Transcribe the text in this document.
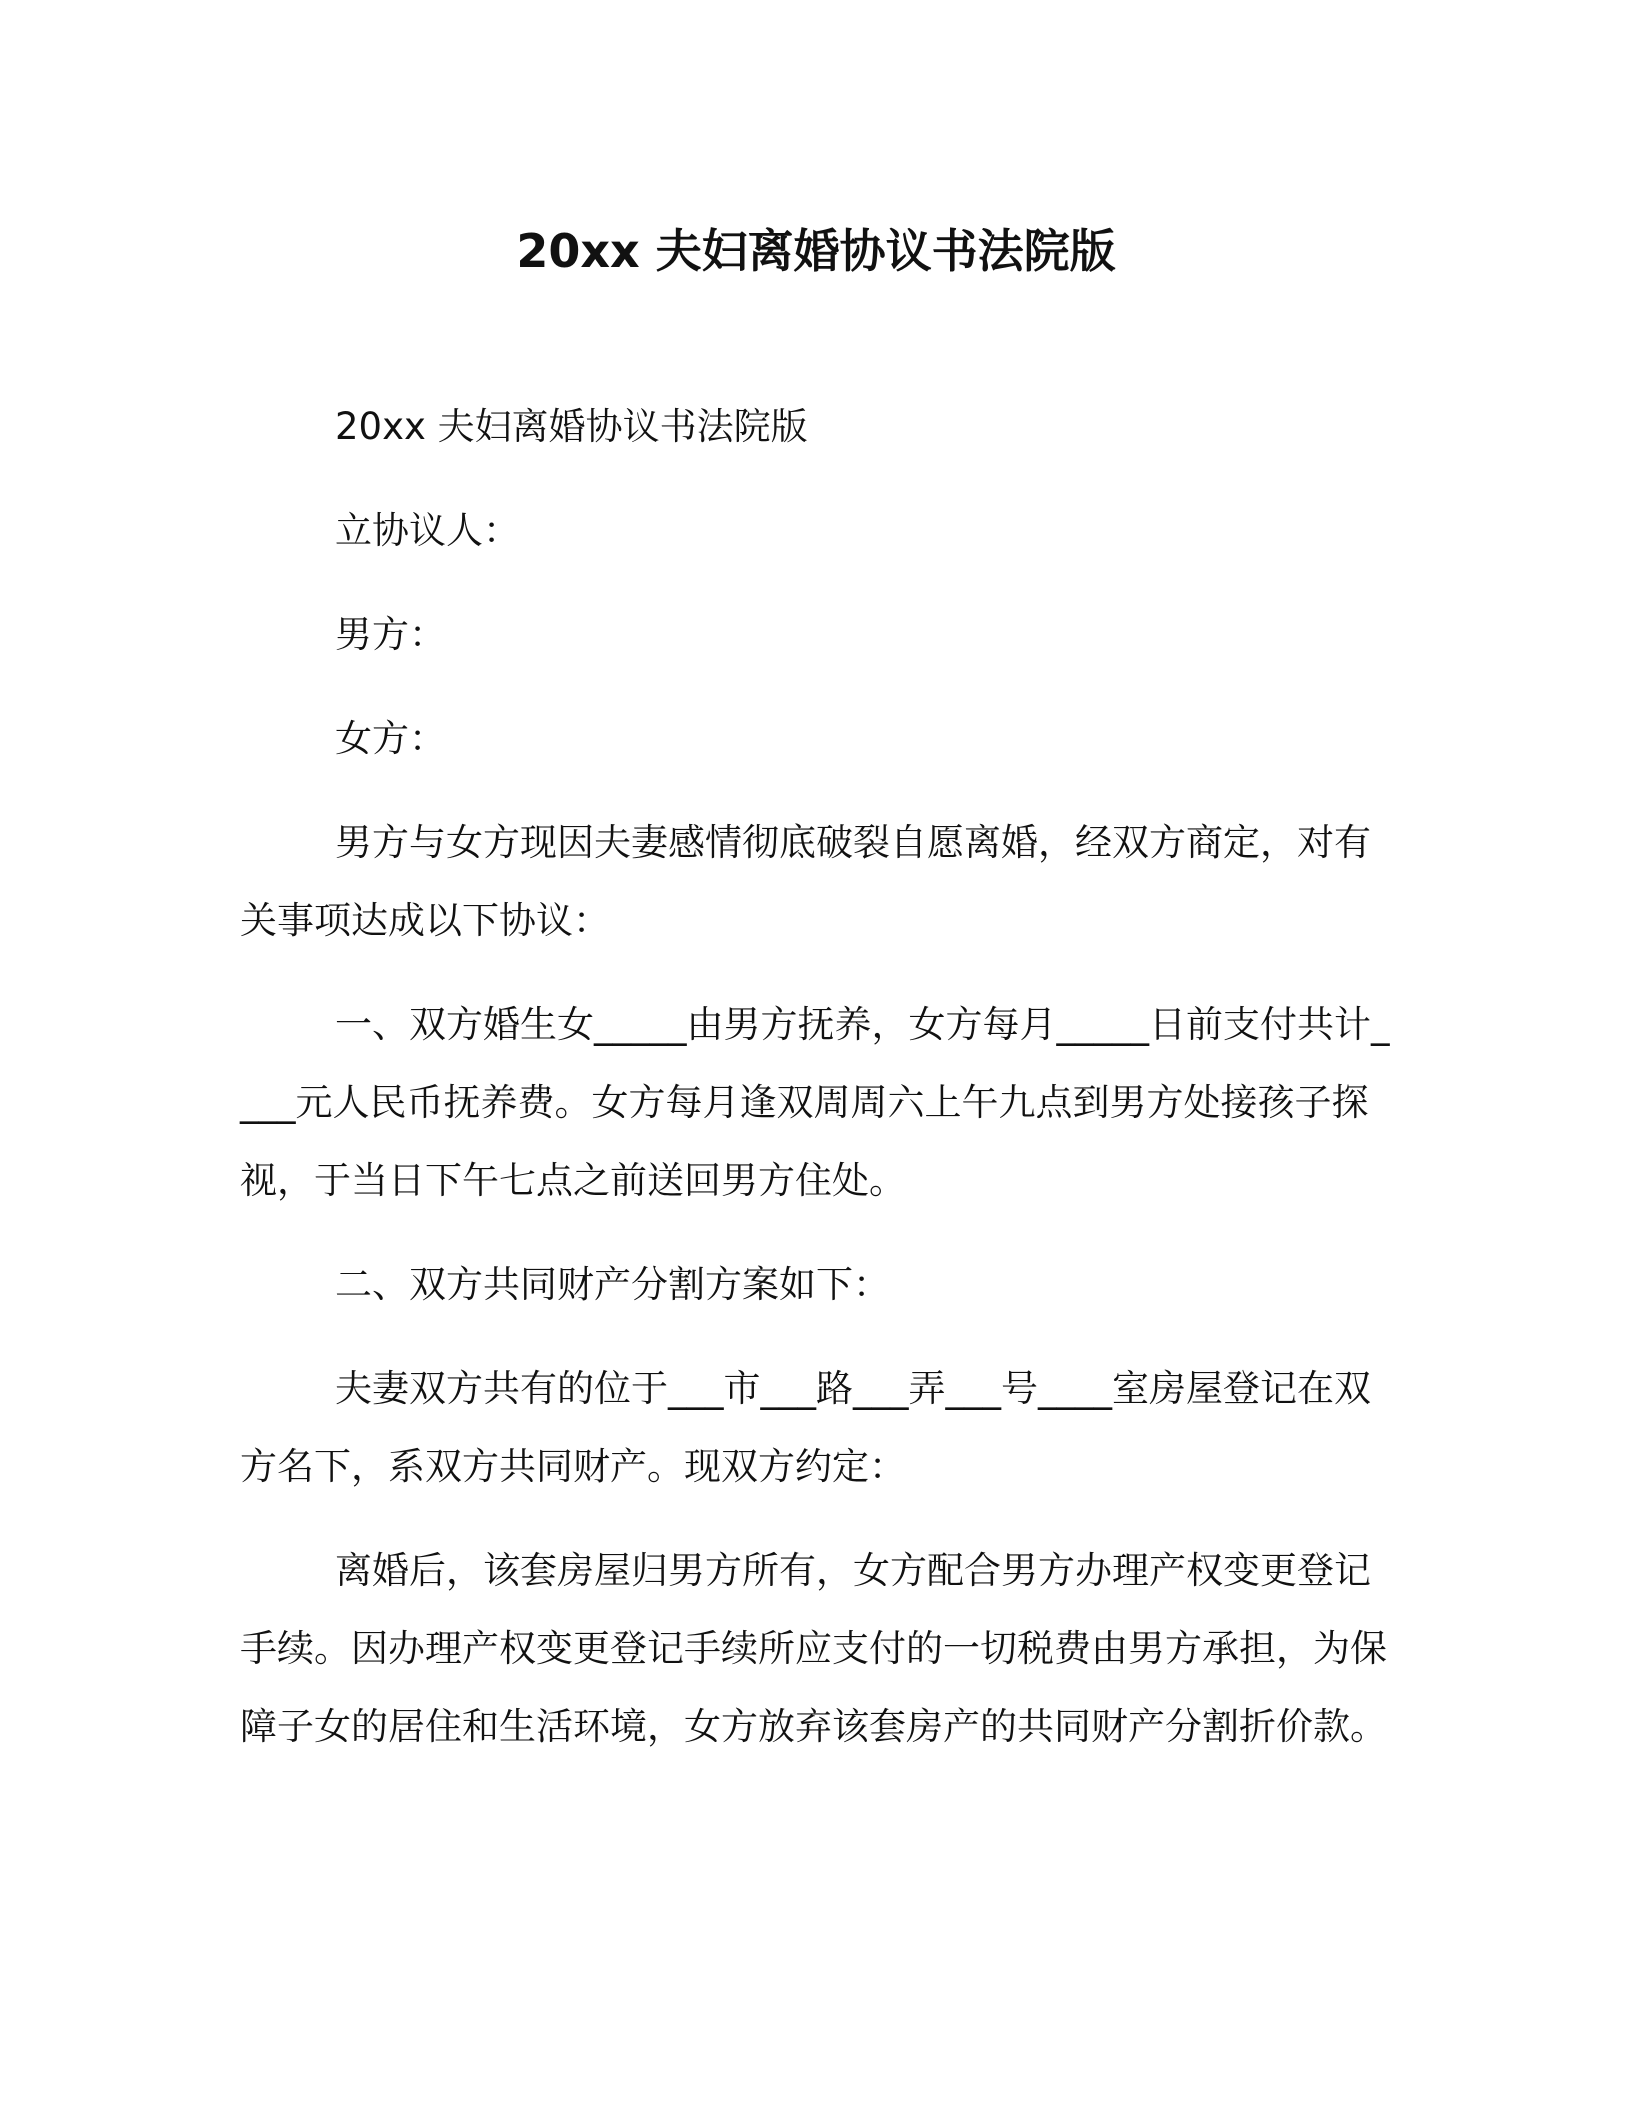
20xx 夫妇离婚协议书法院版

20xx 夫妇离婚协议书法院版

立协议人：

男方：

女方：

男方与女方现因夫妻感情彻底破裂自愿离婚，经双方商定，对有关事项达成以下协议：

一、双方婚生女_____由男方抚养，女方每月_____日前支付共计____元人民币抚养费。女方每月逢双周周六上午九点到男方处接孩子探视，于当日下午七点之前送回男方住处。

二、双方共同财产分割方案如下：

夫妻双方共有的位于___市___路___弄___号____室房屋登记在双方名下，系双方共同财产。现双方约定：

离婚后，该套房屋归男方所有，女方配合男方办理产权变更登记手续。因办理产权变更登记手续所应支付的一切税费由男方承担，为保障子女的居住和生活环境，女方放弃该套房产的共同财产分割折价款。
